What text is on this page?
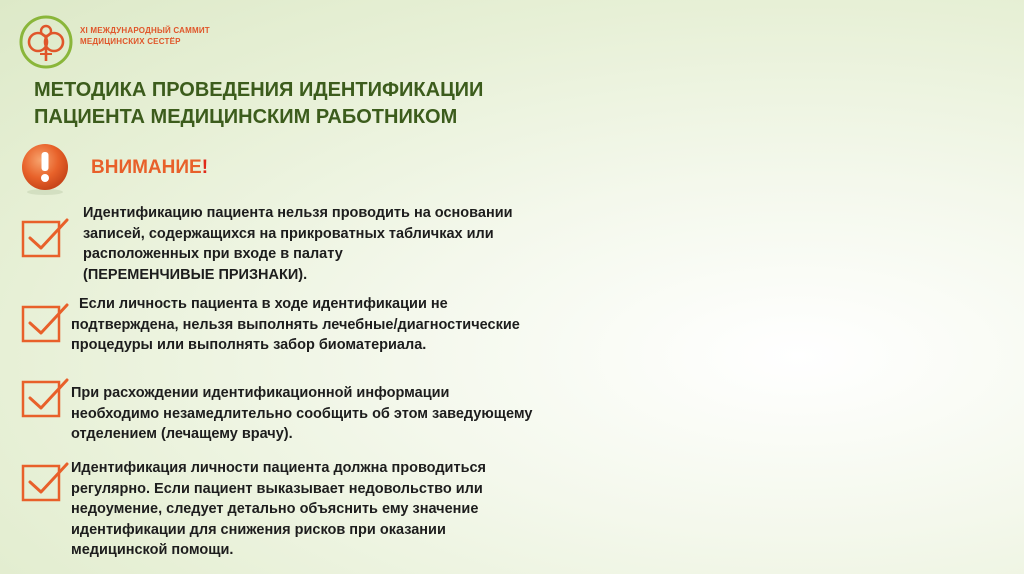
XI МЕЖДУНАРОДНЫЙ САММИТ
МЕДИЦИНСКИХ СЕСТЁР
МЕТОДИКА ПРОВЕДЕНИЯ ИДЕНТИФИКАЦИИ
ПАЦИЕНТА МЕДИЦИНСКИМ РАБОТНИКОМ
ВНИМАНИЕ!
Идентификацию пациента нельзя проводить на основании
записей, содержащихся на прикроватных табличках или
расположенных при входе в палату
(ПЕРЕМЕНЧИВЫЕ ПРИЗНАКИ).
Если личность пациента в ходе идентификации не
подтверждена, нельзя выполнять лечебные/диагностические
процедуры или выполнять забор биоматериала.
При расхождении идентификационной информации
необходимо незамедлительно сообщить об этом заведующему
отделением (лечащему врачу).
Идентификация личности пациента должна проводиться
регулярно. Если пациент выказывает недовольство или
недоумение, следует детально объяснить ему значение
идентификации для снижения рисков при оказании
медицинской помощи.
